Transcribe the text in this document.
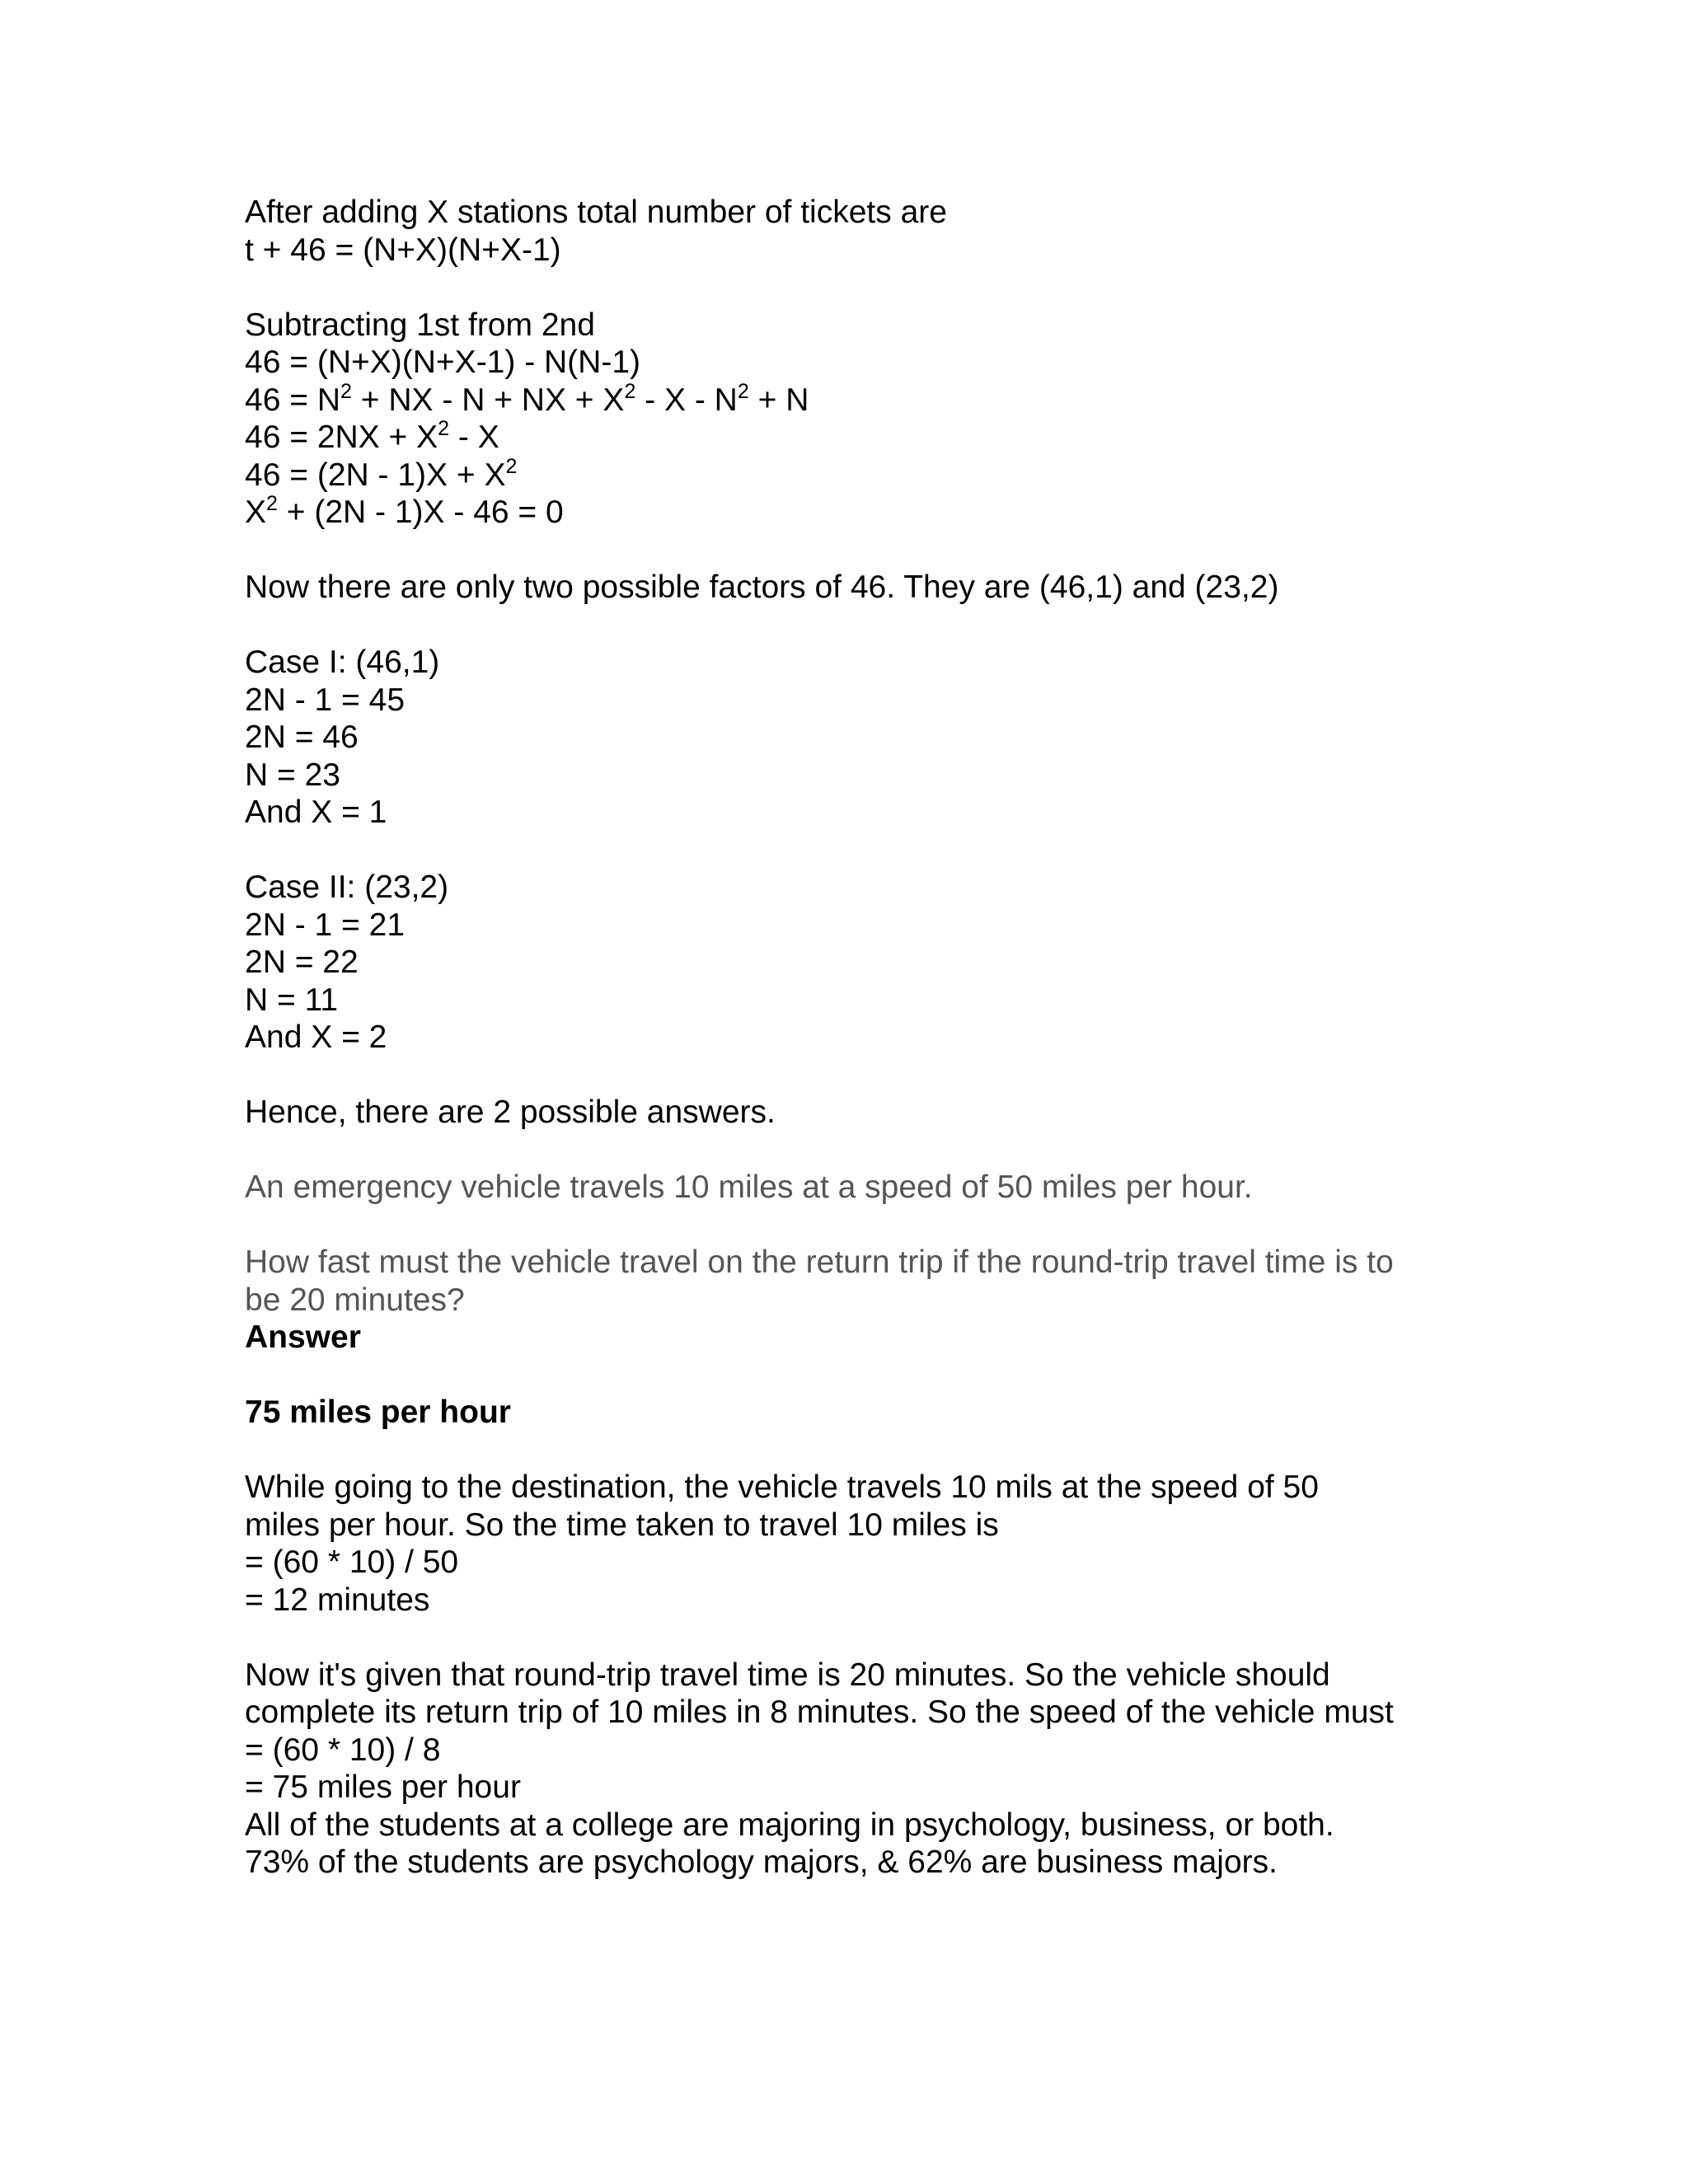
After adding X stations total number of tickets are
t + 46 = (N+X)(N+X-1)
Subtracting 1st from 2nd
46 = (N+X)(N+X-1) - N(N-1)
$46 = N^2$ + NX - N + NX + $X^2 - X - N^2 + N$
$46 = 2NX + X^2 - X$
$46 = (2N - 1)X + X^2$
$X^2 + (2N - 1)X - 46 = 0$
Now there are only two possible factors of 46. They are (46,1) and (23,2)
Case I: (46,1)
2N - 1 = 45
2N = 46
N = 23
And X = 1
Case II: (23,2)
2N - 1 = 21
2N = 22
N = 11
And X = 2
Hence, there are 2 possible answers.
An emergency vehicle travels 10 miles at a speed of 50 miles per hour.
How fast must the vehicle travel on the return trip if the round-trip travel time is to
be 20 minutes?
Answer
75 miles per hour
While going to the destination, the vehicle travels 10 mils at the speed of 50
miles per hour. So the time taken to travel 10 miles is
= (60 * 10) / 50
= 12 minutes
Now it's given that round-trip travel time is 20 minutes. So the vehicle should
complete its return trip of 10 miles in 8 minutes. So the speed of the vehicle must
= (60 * 10) / 8
= 75 miles per hour
All of the students at a college are majoring in psychology, business, or both.
73% of the students are psychology majors, & 62% are business majors.
